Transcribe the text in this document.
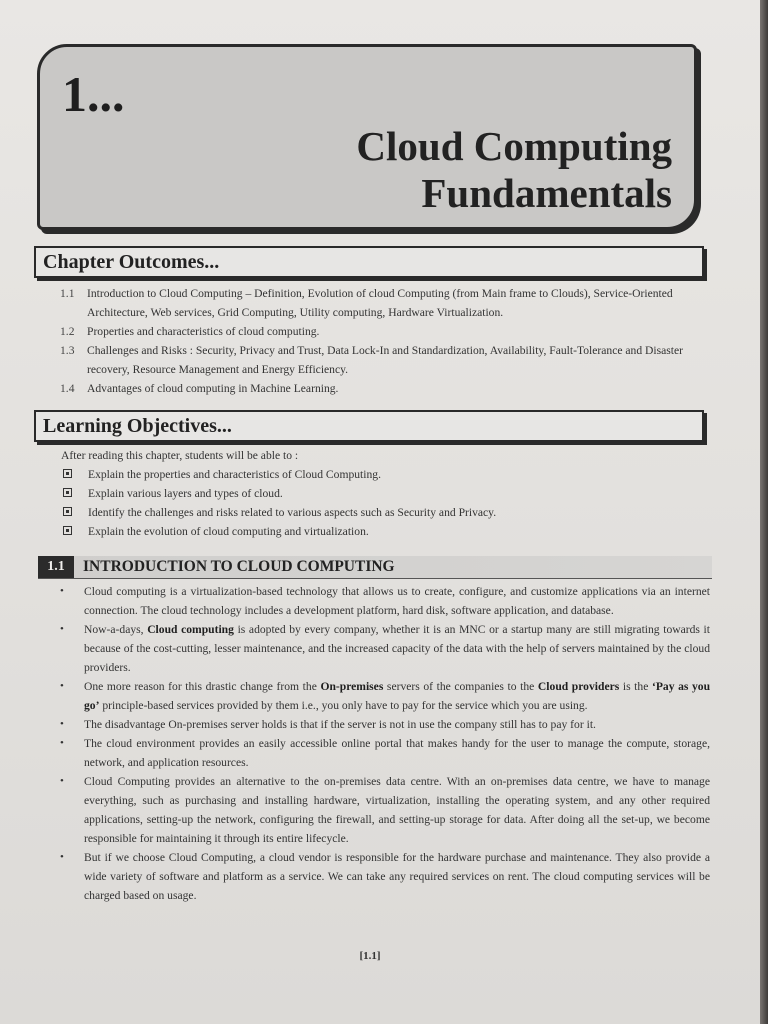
1...
Cloud Computing
Fundamentals
Chapter Outcomes...
1.1	Introduction to Cloud Computing – Definition, Evolution of cloud Computing (from Main frame to Clouds), Service-Oriented Architecture, Web services, Grid Computing, Utility computing, Hardware Virtualization.
1.2	Properties and characteristics of cloud computing.
1.3	Challenges and Risks : Security, Privacy and Trust, Data Lock-In and Standardization, Availability, Fault-Tolerance and Disaster recovery, Resource Management and Energy Efficiency.
1.4	Advantages of cloud computing in Machine Learning.
Learning Objectives...
After reading this chapter, students will be able to :
Explain the properties and characteristics of Cloud Computing.
Explain various layers and types of cloud.
Identify the challenges and risks related to various aspects such as Security and Privacy.
Explain the evolution of cloud computing and virtualization.
1.1	INTRODUCTION TO CLOUD COMPUTING
•	Cloud computing is a virtualization-based technology that allows us to create, configure, and customize applications via an internet connection. The cloud technology includes a development platform, hard disk, software application, and database.
•	Now-a-days, Cloud computing is adopted by every company, whether it is an MNC or a startup many are still migrating towards it because of the cost-cutting, lesser maintenance, and the increased capacity of the data with the help of servers maintained by the cloud providers.
•	One more reason for this drastic change from the On-premises servers of the companies to the Cloud providers is the ‘Pay as you go’ principle-based services provided by them i.e., you only have to pay for the service which you are using.
•	The disadvantage On-premises server holds is that if the server is not in use the company still has to pay for it.
•	The cloud environment provides an easily accessible online portal that makes handy for the user to manage the compute, storage, network, and application resources.
•	Cloud Computing provides an alternative to the on-premises data centre. With an on-premises data centre, we have to manage everything, such as purchasing and installing hardware, virtualization, installing the operating system, and any other required applications, setting-up the network, configuring the firewall, and setting-up storage for data. After doing all the set-up, we become responsible for maintaining it through its entire lifecycle.
•	But if we choose Cloud Computing, a cloud vendor is responsible for the hardware purchase and maintenance. They also provide a wide variety of software and platform as a service. We can take any required services on rent. The cloud computing services will be charged based on usage.
[1.1]
